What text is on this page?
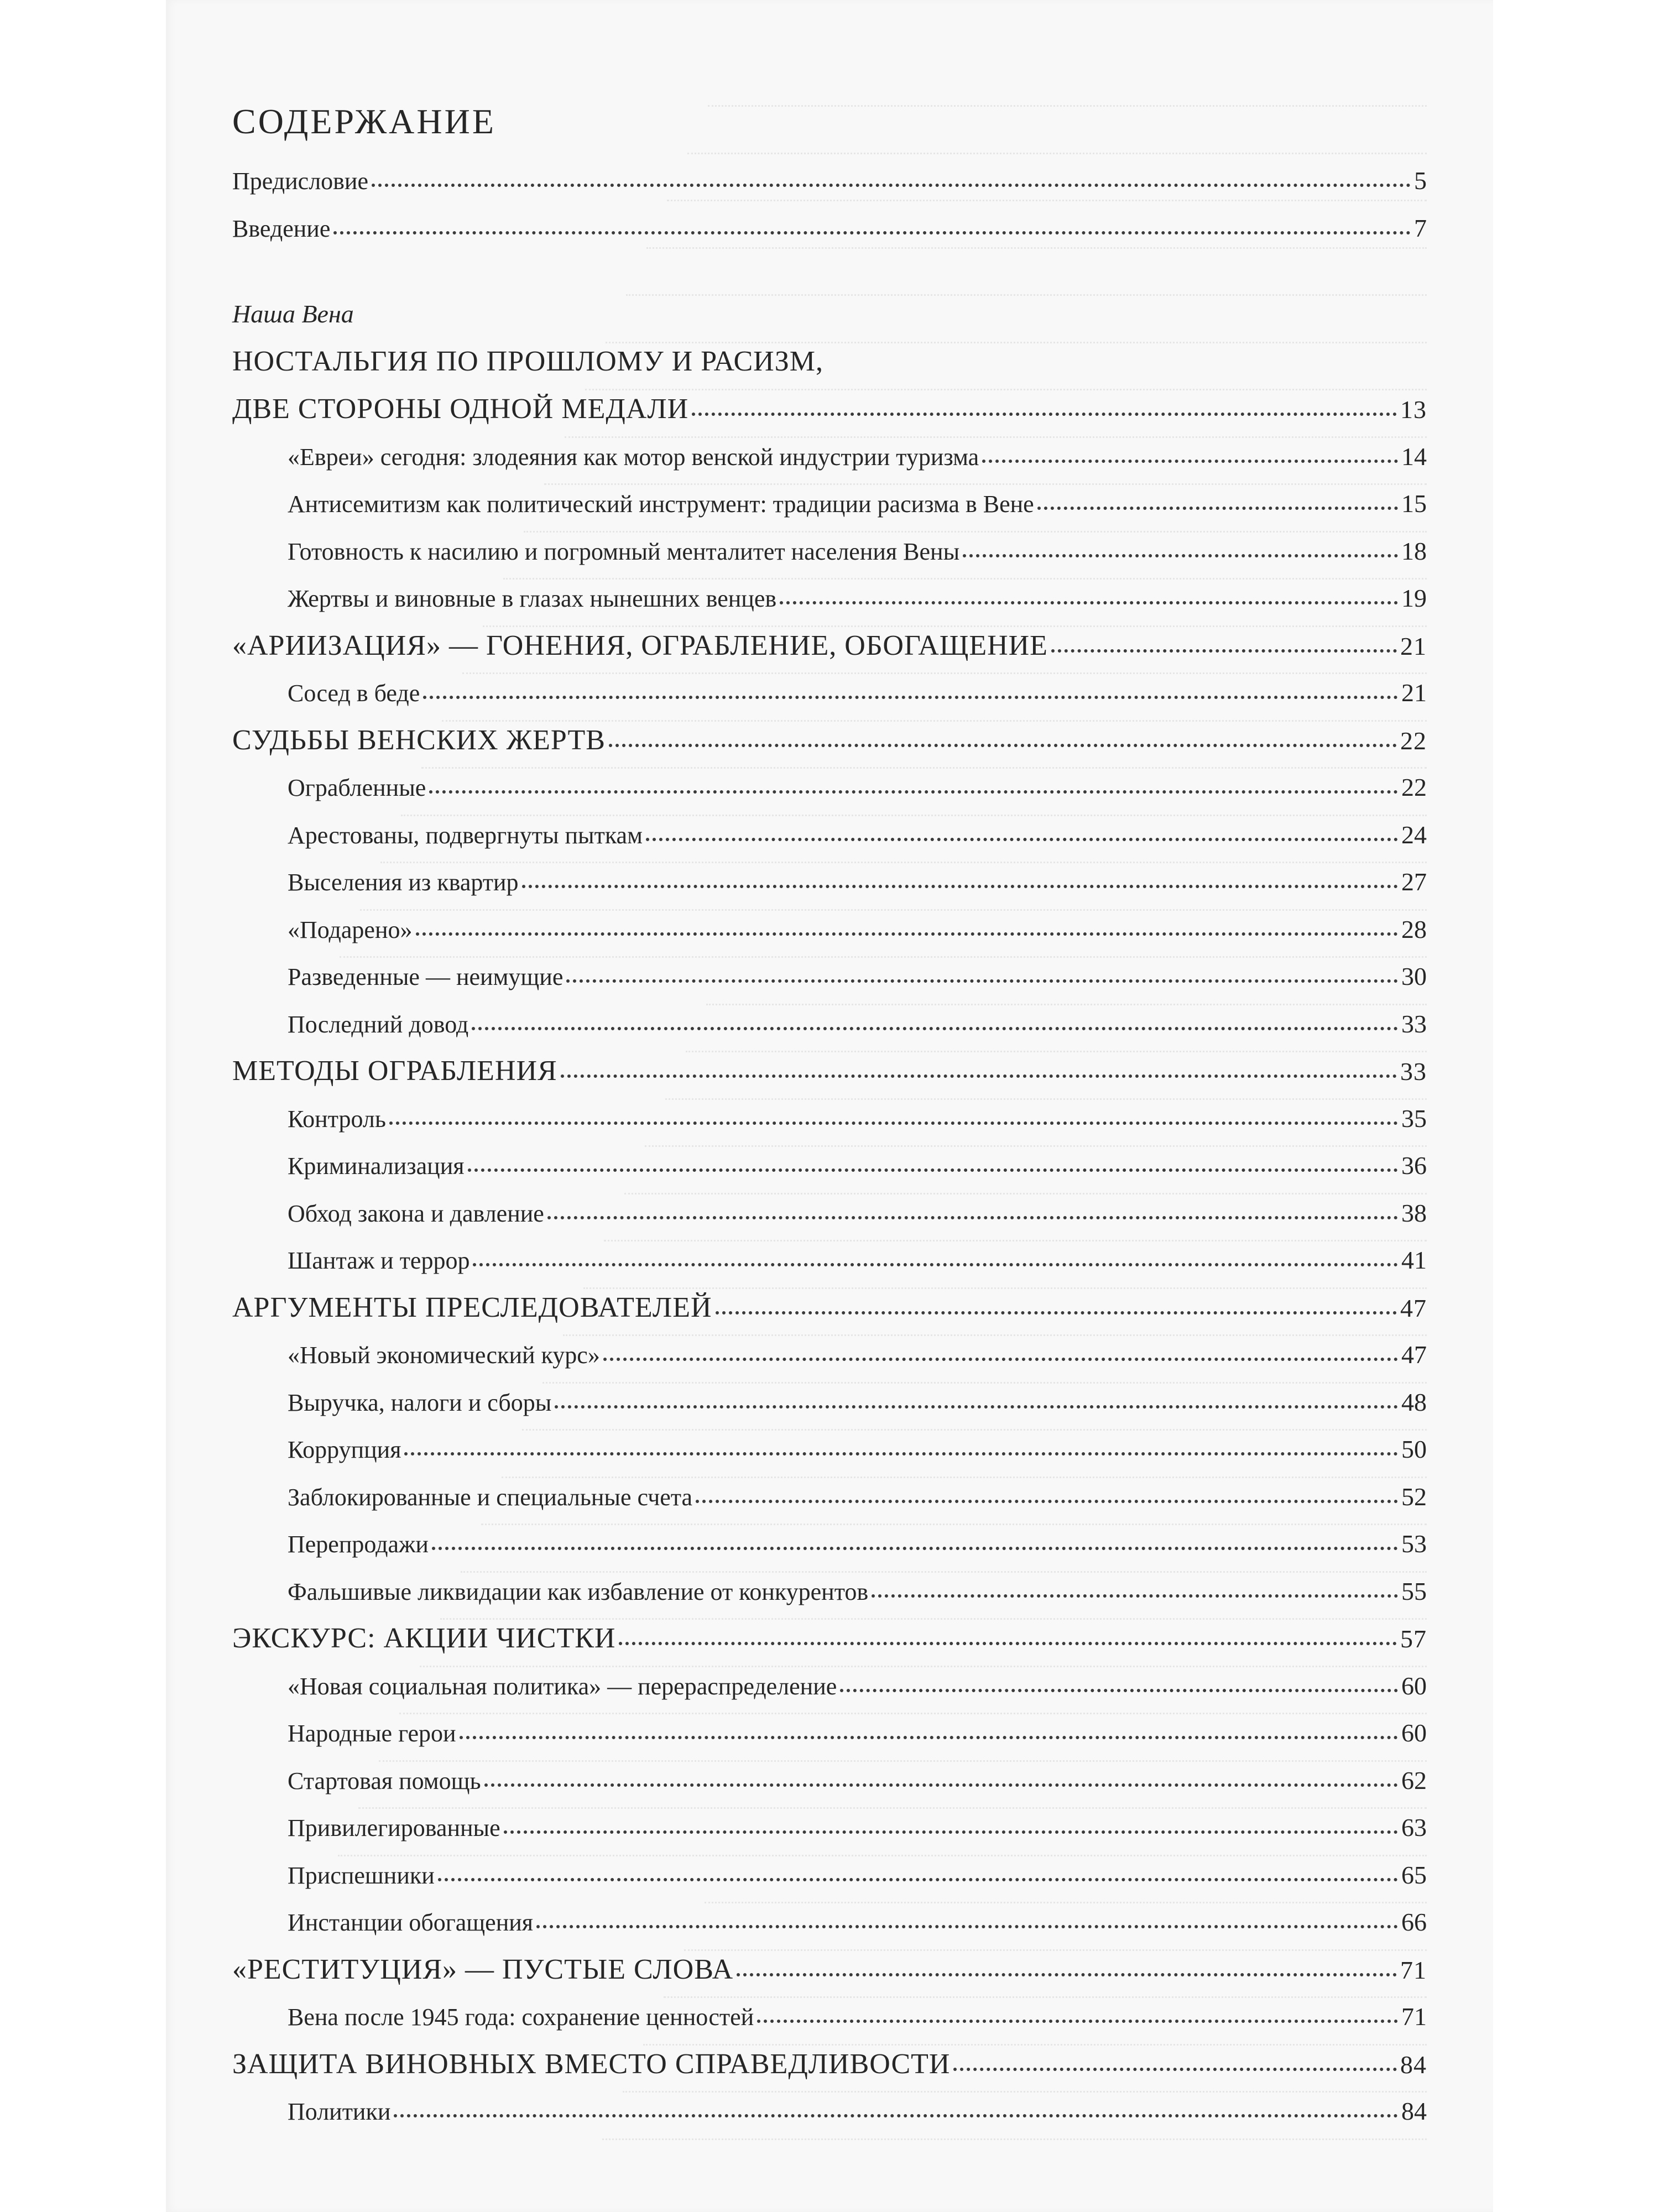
СОДЕРЖАНИЕ
Предисловие	5
Введение	7
Наша Вена
НОСТАЛЬГИЯ ПО ПРОШЛОМУ И РАСИЗМ,
ДВЕ СТОРОНЫ ОДНОЙ МЕДАЛИ	13
«Евреи» сегодня: злодеяния как мотор венской индустрии туризма	14
Антисемитизм как политический инструмент: традиции расизма в Вене	15
Готовность к насилию и погромный менталитет населения Вены	18
Жертвы и виновные в глазах нынешних венцев	19
«АРИИЗАЦИЯ» — ГОНЕНИЯ, ОГРАБЛЕНИЕ, ОБОГАЩЕНИЕ	21
Сосед в беде	21
СУДЬБЫ ВЕНСКИХ ЖЕРТВ	22
Ограбленные	22
Арестованы, подвергнуты пыткам	24
Выселения из квартир	27
«Подарено»	28
Разведенные — неимущие	30
Последний довод	33
МЕТОДЫ ОГРАБЛЕНИЯ	33
Контроль	35
Криминализация	36
Обход закона и давление	38
Шантаж и террор	41
АРГУМЕНТЫ ПРЕСЛЕДОВАТЕЛЕЙ	47
«Новый экономический курс»	47
Выручка, налоги и сборы	48
Коррупция	50
Заблокированные и специальные счета	52
Перепродажи	53
Фальшивые ликвидации как избавление от конкурентов	55
ЭКСКУРС: АКЦИИ ЧИСТКИ	57
«Новая социальная политика» — перераспределение	60
Народные герои	60
Стартовая помощь	62
Привилегированные	63
Приспешники	65
Инстанции обогащения	66
«РЕСТИТУЦИЯ» — ПУСТЫЕ СЛОВА	71
Вена после 1945 года: сохранение ценностей	71
ЗАЩИТА ВИНОВНЫХ ВМЕСТО СПРАВЕДЛИВОСТИ	84
Политики	84
